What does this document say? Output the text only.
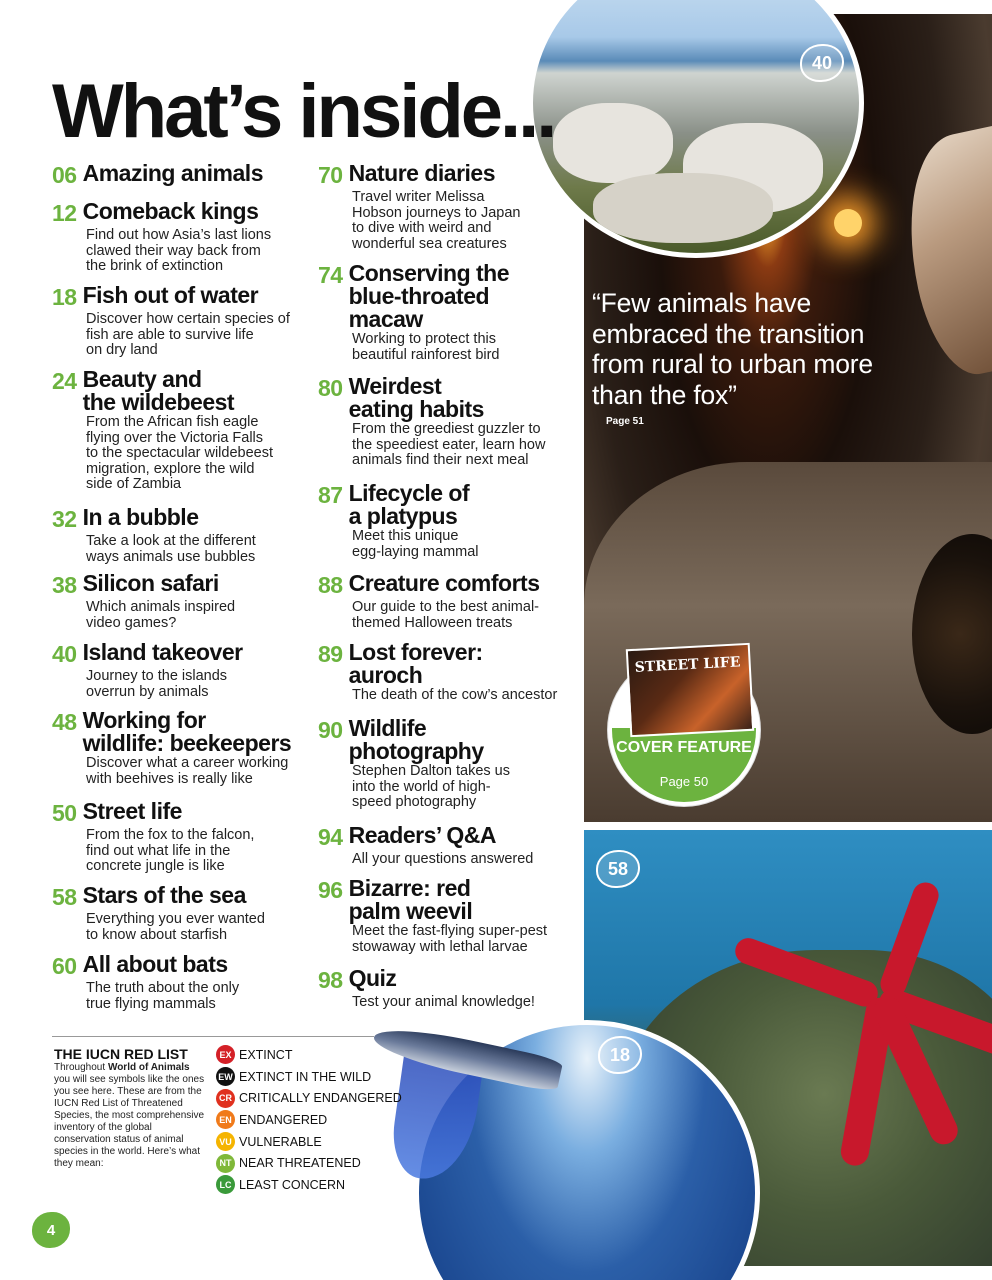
40
58
18
“Few animals have embraced the transition from rural to urban more than the fox”
Page 51
STREET LIFE
COVER FEATURE
Page 50
What’s inside...
06 Amazing animals
12 Comeback kings
Find out how Asia’s last lions
clawed their way back from
the brink of extinction
18 Fish out of water
Discover how certain species of
fish are able to survive life
on dry land
24 Beauty and
the wildebeest
From the African fish eagle
flying over the Victoria Falls
to the spectacular wildebeest
migration, explore the wild
side of Zambia
32 In a bubble
Take a look at the different
ways animals use bubbles
38 Silicon safari
Which animals inspired
video games?
40 Island takeover
Journey to the islands
overrun by animals
48 Working for
wildlife: beekeepers
Discover what a career working
with beehives is really like
50 Street life
From the fox to the falcon,
find out what life in the
concrete jungle is like
58 Stars of the sea
Everything you ever wanted
to know about starfish
60 All about bats
The truth about the only
true flying mammals
70 Nature diaries
Travel writer Melissa
Hobson journeys to Japan
to dive with weird and
wonderful sea creatures
74 Conserving the
blue-throated
macaw
Working to protect this
beautiful rainforest bird
80 Weirdest
eating habits
From the greediest guzzler to
the speediest eater, learn how
animals find their next meal
87 Lifecycle of
a platypus
Meet this unique
egg-laying mammal
88 Creature comforts
Our guide to the best animal-
themed Halloween treats
89 Lost forever:
auroch
The death of the cow’s ancestor
90 Wildlife
photography
Stephen Dalton takes us
into the world of high-
speed photography
94 Readers’ Q&A
All your questions answered
96 Bizarre: red
palm weevil
Meet the fast-flying super-pest
stowaway with lethal larvae
98 Quiz
Test your animal knowledge!
THE IUCN RED LIST
Throughout World of Animals you will see symbols like the ones you see here. These are from the IUCN Red List of Threatened Species, the most comprehensive inventory of the global conservation status of animal species in the world. Here’s what they mean:
EX EXTINCT
EW EXTINCT IN THE WILD
CR CRITICALLY ENDANGERED
EN ENDANGERED
VU VULNERABLE
NT NEAR THREATENED
LC LEAST CONCERN
4
